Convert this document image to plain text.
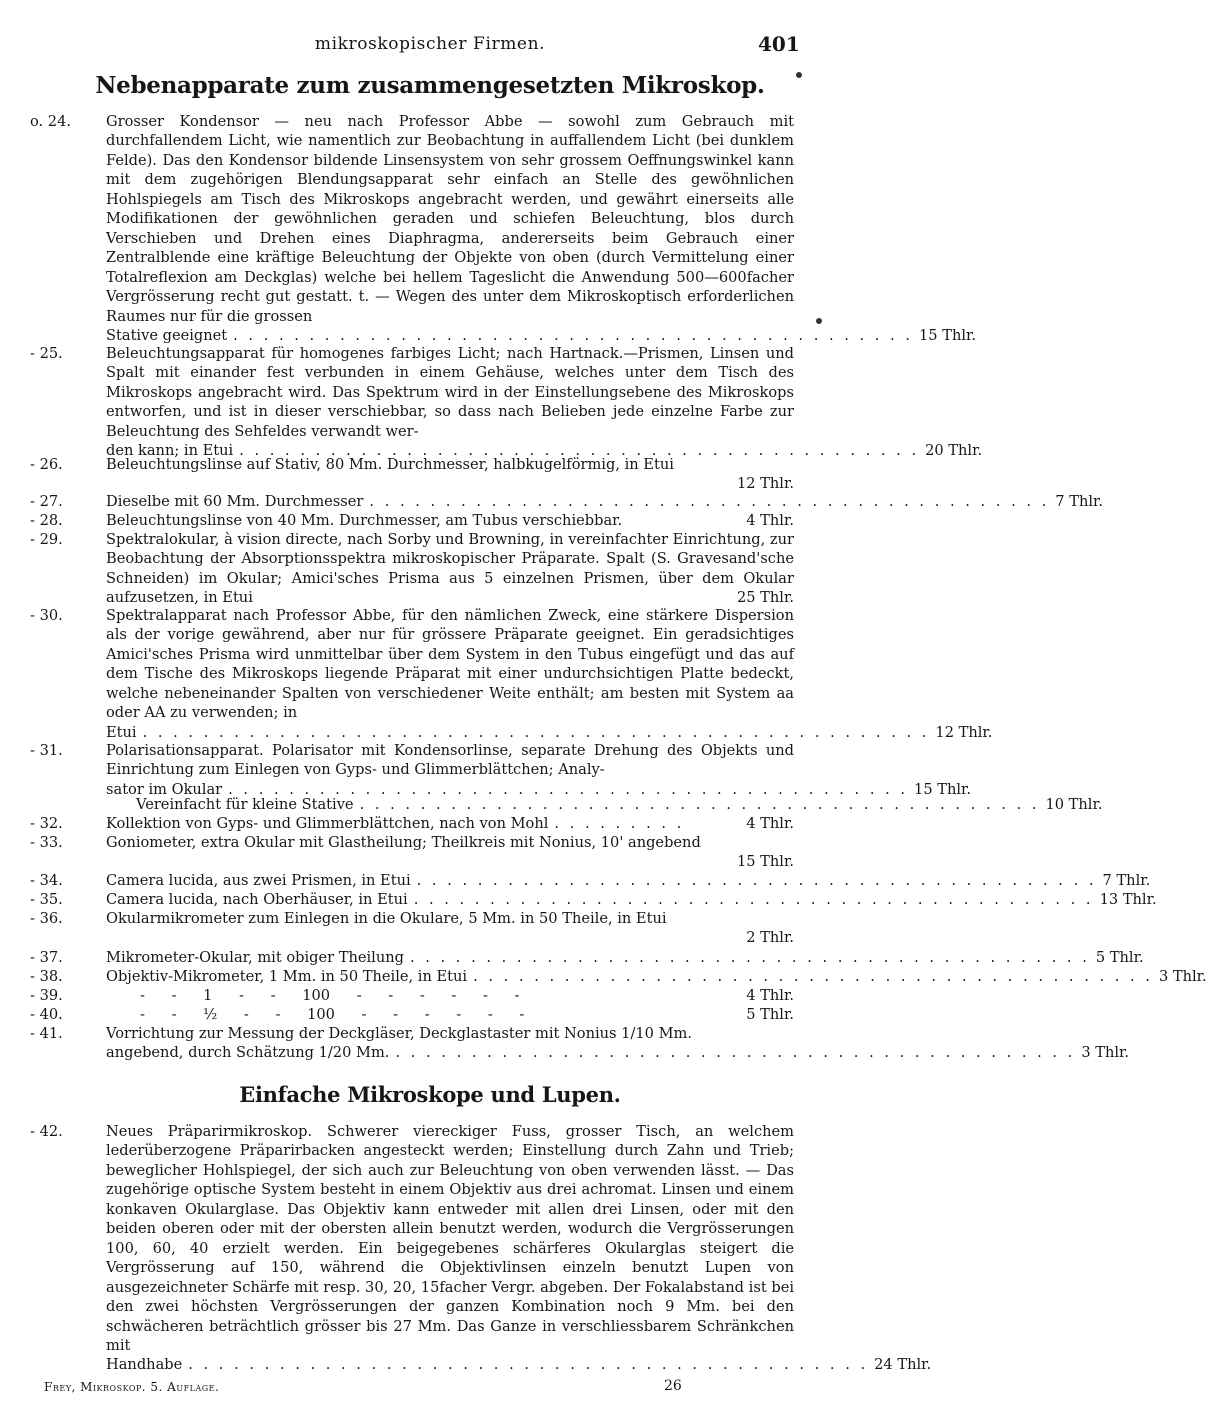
mikroskopischer Firmen.	401
Nebenapparate zum zusammengesetzten Mikroskop.
o. 24.	Grosser Kondensor — neu nach Professor Abbe — sowohl zum Gebrauch mit durchfallendem Licht, wie namentlich zur Beobachtung in auffallendem Licht (bei dunklem Felde). Das den Kondensor bildende Linsensystem von sehr grossem Oeffnungswinkel kann mit dem zugehörigen Blendungsapparat sehr einfach an Stelle des gewöhnlichen Hohlspiegels am Tisch des Mikroskops angebracht werden, und gewährt einerseits alle Modifikationen der gewöhnlichen geraden und schiefen Beleuchtung, blos durch Verschieben und Drehen eines Diaphragma, andererseits beim Gebrauch einer Zentralblende eine kräftige Beleuchtung der Objekte von oben (durch Vermittelung einer Totalreflexion am Deckglas) welche bei hellem Tageslicht die Anwendung 500—600facher Vergrösserung recht gut gestatt. t. — Wegen des unter dem Mikroskoptisch erforderlichen Raumes nur für die grossen

Stative geeignet . . . . . . . . . . . . . . . . . . . . . . . . . . . . . . . . . . . . . . . . . . . . . 15 Thlr.
- 25.	Beleuchtungsapparat für homogenes farbiges Licht; nach Hartnack.—Prismen, Linsen und Spalt mit einander fest verbunden in einem Gehäuse, welches unter dem Tisch des Mikroskops angebracht wird. Das Spektrum wird in der Einstellungsebene des Mikroskops entworfen, und ist in dieser verschiebbar, so dass nach Belieben jede einzelne Farbe zur Beleuchtung des Sehfeldes verwandt wer-

den kann; in Etui . . . . . . . . . . . . . . . . . . . . . . . . . . . . . . . . . . . . . . . . . . . . . 20 Thlr.
- 26.	Beleuchtungslinse auf Stativ, 80 Mm. Durchmesser, halbkugelförmig, in Etui

12 Thlr.

- 27.	Dieselbe mit 60 Mm. Durchmesser . . . . . . . . . . . . . . . . . . . . . . . . . . . . . . . . . . . . . . . . . . . . . 7 Thlr.
- 28.	Beleuchtungslinse von 40 Mm. Durchmesser, am Tubus verschiebbar.	4 Thlr.
- 29.	Spektralokular, à vision directe, nach Sorby und Browning, in vereinfachter Einrichtung, zur Beobachtung der Absorptionsspektra mikroskopischer Präparate. Spalt (S. Gravesand'sche Schneiden) im Okular; Amici'sches Prisma aus 5 einzelnen Prismen, über dem Okular aufzusetzen, in Etui	25 Thlr.

- 30.	Spektralapparat nach Professor Abbe, für den nämlichen Zweck, eine stärkere Dispersion als der vorige gewährend, aber nur für grössere Präparate geeignet. Ein geradsichtiges Amici'sches Prisma wird unmittelbar über dem System in den Tubus eingefügt und das auf dem Tische des Mikroskops liegende Präparat mit einer undurchsichtigen Platte bedeckt, welche nebeneinander Spalten von verschiedener Weite enthält; am besten mit System aa oder AA zu verwenden; in

Etui . . . . . . . . . . . . . . . . . . . . . . . . . . . . . . . . . . . . . . . . . . . . . . . . . . . . 12 Thlr.
- 31.	Polarisationsapparat. Polarisator mit Kondensorlinse, separate Drehung des Objekts und Einrichtung zum Einlegen von Gyps- und Glimmerblättchen; Analy-

sator im Okular . . . . . . . . . . . . . . . . . . . . . . . . . . . . . . . . . . . . . . . . . . . . . 15 Thlr.
Vereinfacht für kleine Stative . . . . . . . . . . . . . . . . . . . . . . . . . . . . . . . . . . . . . . . . . . . . . 10 Thlr.
- 32.	Kollektion von Gyps- und Glimmerblättchen, nach von Mohl . . . . . . . . .	4 Thlr.
- 33.	Goniometer, extra Okular mit Glastheilung; Theilkreis mit Nonius, 10' angebend

15 Thlr.

- 34.	Camera lucida, aus zwei Prismen, in Etui . . . . . . . . . . . . . . . . . . . . . . . . . . . . . . . . . . . . . . . . . . . . . 7 Thlr.
- 35.	Camera lucida, nach Oberhäuser, in Etui . . . . . . . . . . . . . . . . . . . . . . . . . . . . . . . . . . . . . . . . . . . . . 13 Thlr.
- 36.	Okularmikrometer zum Einlegen in die Okulare, 5 Mm. in 50 Theile, in Etui

2 Thlr.

- 37.	Mikrometer-Okular, mit obiger Theilung . . . . . . . . . . . . . . . . . . . . . . . . . . . . . . . . . . . . . . . . . . . . . 5 Thlr.
- 38.	Objektiv-Mikrometer, 1 Mm. in 50 Theile, in Etui . . . . . . . . . . . . . . . . . . . . . . . . . . . . . . . . . . . . . . . . . . . . . 3 Thlr.
- 39.	- - 1 - - 100 - - - - - -	4 Thlr.
- 40.	- - ½ - - 100 - - - - - -	5 Thlr.
- 41.	Vorrichtung zur Messung der Deckgläser, Deckglastaster mit Nonius 1/10 Mm.

angebend, durch Schätzung 1/20 Mm. . . . . . . . . . . . . . . . . . . . . . . . . . . . . . . . . . . . . . . . . . . . . . 3 Thlr.
Einfache Mikroskope und Lupen.
- 42.	Neues Präparirmikroskop. Schwerer viereckiger Fuss, grosser Tisch, an welchem lederüberzogene Präparirbacken angesteckt werden; Einstellung durch Zahn und Trieb; beweglicher Hohlspiegel, der sich auch zur Beleuchtung von oben verwenden lässt. — Das zugehörige optische System besteht in einem Objektiv aus drei achromat. Linsen und einem konkaven Okularglase. Das Objektiv kann entweder mit allen drei Linsen, oder mit den beiden oberen oder mit der obersten allein benutzt werden, wodurch die Vergrösserungen 100, 60, 40 erzielt werden. Ein beigegebenes schärferes Okularglas steigert die Vergrösserung auf 150, während die Objektivlinsen einzeln benutzt Lupen von ausgezeichneter Schärfe mit resp. 30, 20, 15facher Vergr. abgeben. Der Fokalabstand ist bei den zwei höchsten Vergrösserungen der ganzen Kombination noch 9 Mm. bei den schwächeren beträchtlich grösser bis 27 Mm. Das Ganze in verschliessbarem Schränkchen mit

Handhabe . . . . . . . . . . . . . . . . . . . . . . . . . . . . . . . . . . . . . . . . . . . . . 24 Thlr.
Frey, Mikroskop. 5. Auflage.	26
